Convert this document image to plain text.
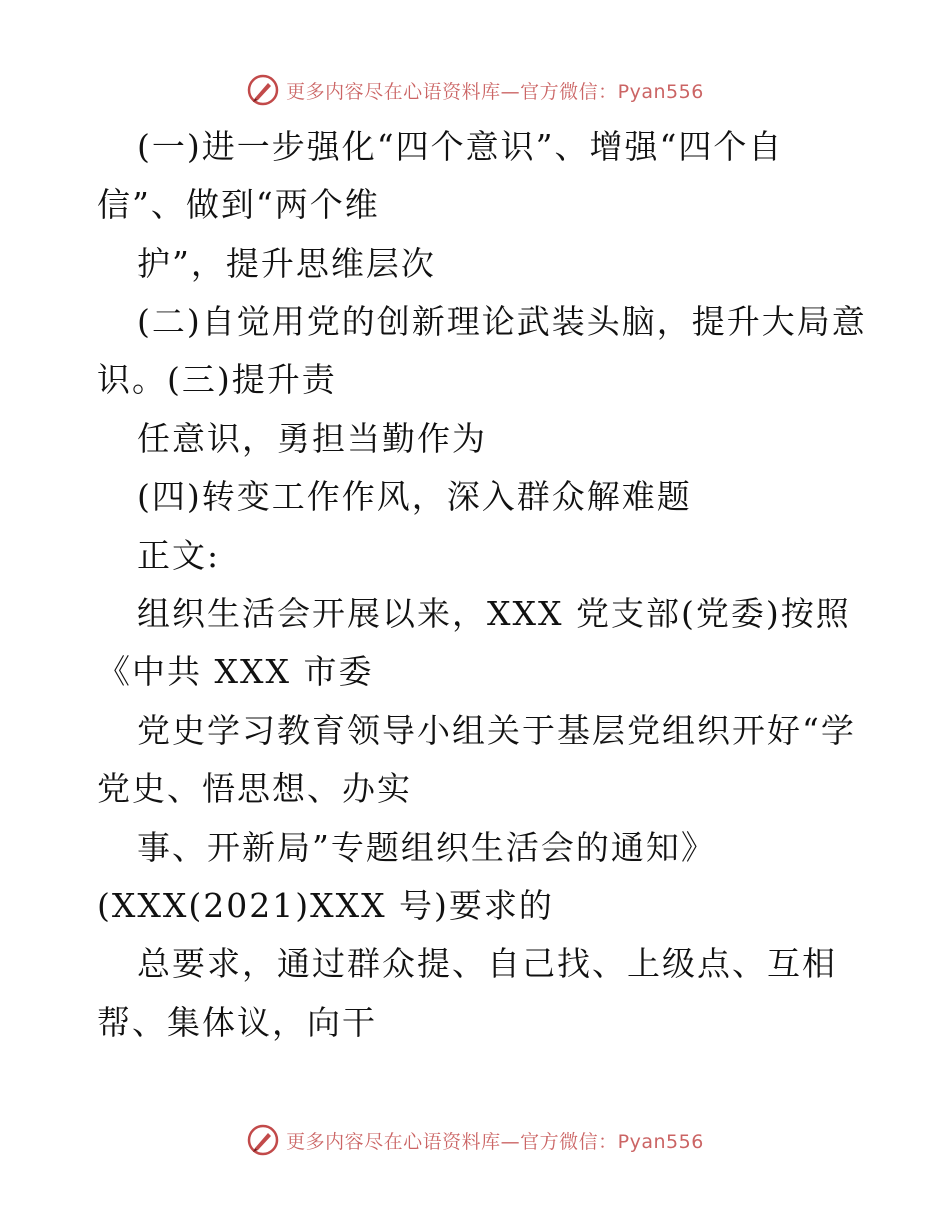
更多内容尽在心语资料库—官方微信：Pyan556
(一)进一步强化“四个意识”、增强“四个自
信”、做到“两个维
护”，提升思维层次
(二)自觉用党的创新理论武装头脑，提升大局意
识。(三)提升责
任意识，勇担当勤作为
(四)转变工作作风，深入群众解难题
正文:
组织生活会开展以来，XXX 党支部(党委)按照
《中共 XXX 市委
党史学习教育领导小组关于基层党组织开好“学
党史、悟思想、办实
事、开新局”专题组织生活会的通知》
(XXX(2021)XXX 号)要求的
总要求，通过群众提、自己找、上级点、互相
帮、集体议，向干
更多内容尽在心语资料库—官方微信：Pyan556
